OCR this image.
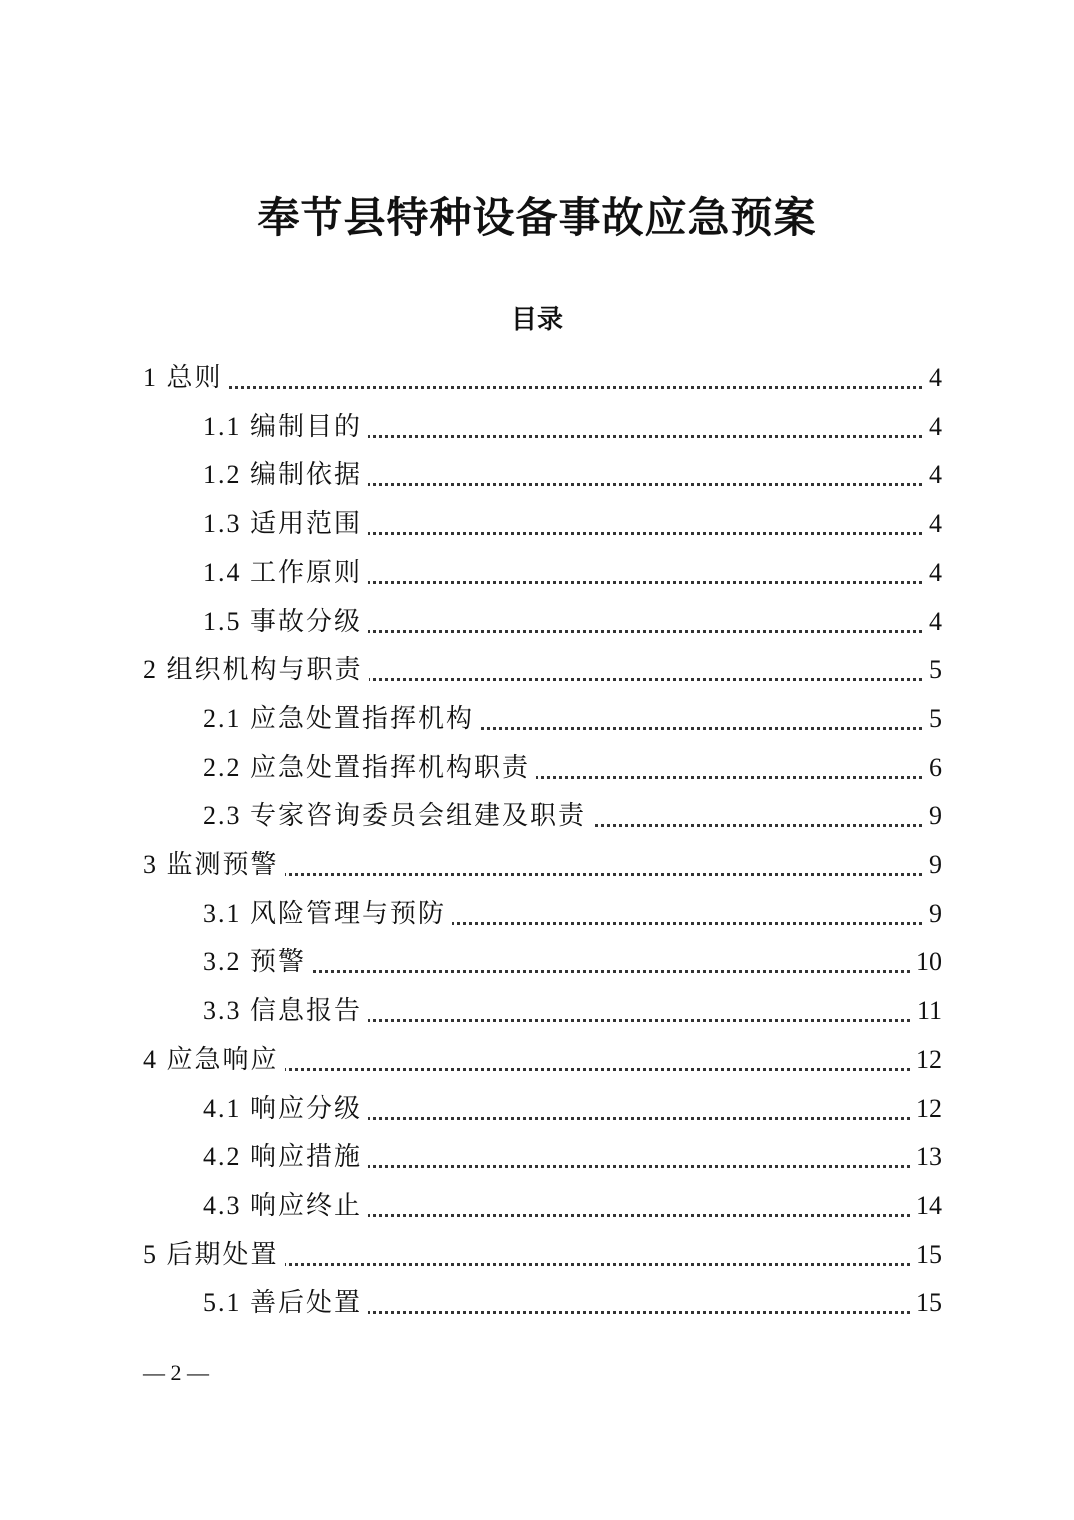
奉节县特种设备事故应急预案
目录
1 总则	4
1.1 编制目的	4
1.2 编制依据	4
1.3 适用范围	4
1.4 工作原则	4
1.5 事故分级	4
2 组织机构与职责	5
2.1 应急处置指挥机构	5
2.2 应急处置指挥机构职责	6
2.3 专家咨询委员会组建及职责	9
3 监测预警	9
3.1 风险管理与预防	9
3.2 预警	10
3.3 信息报告	11
4 应急响应	12
4.1 响应分级	12
4.2 响应措施	13
4.3 响应终止	14
5 后期处置	15
5.1 善后处置	15
— 2 —
